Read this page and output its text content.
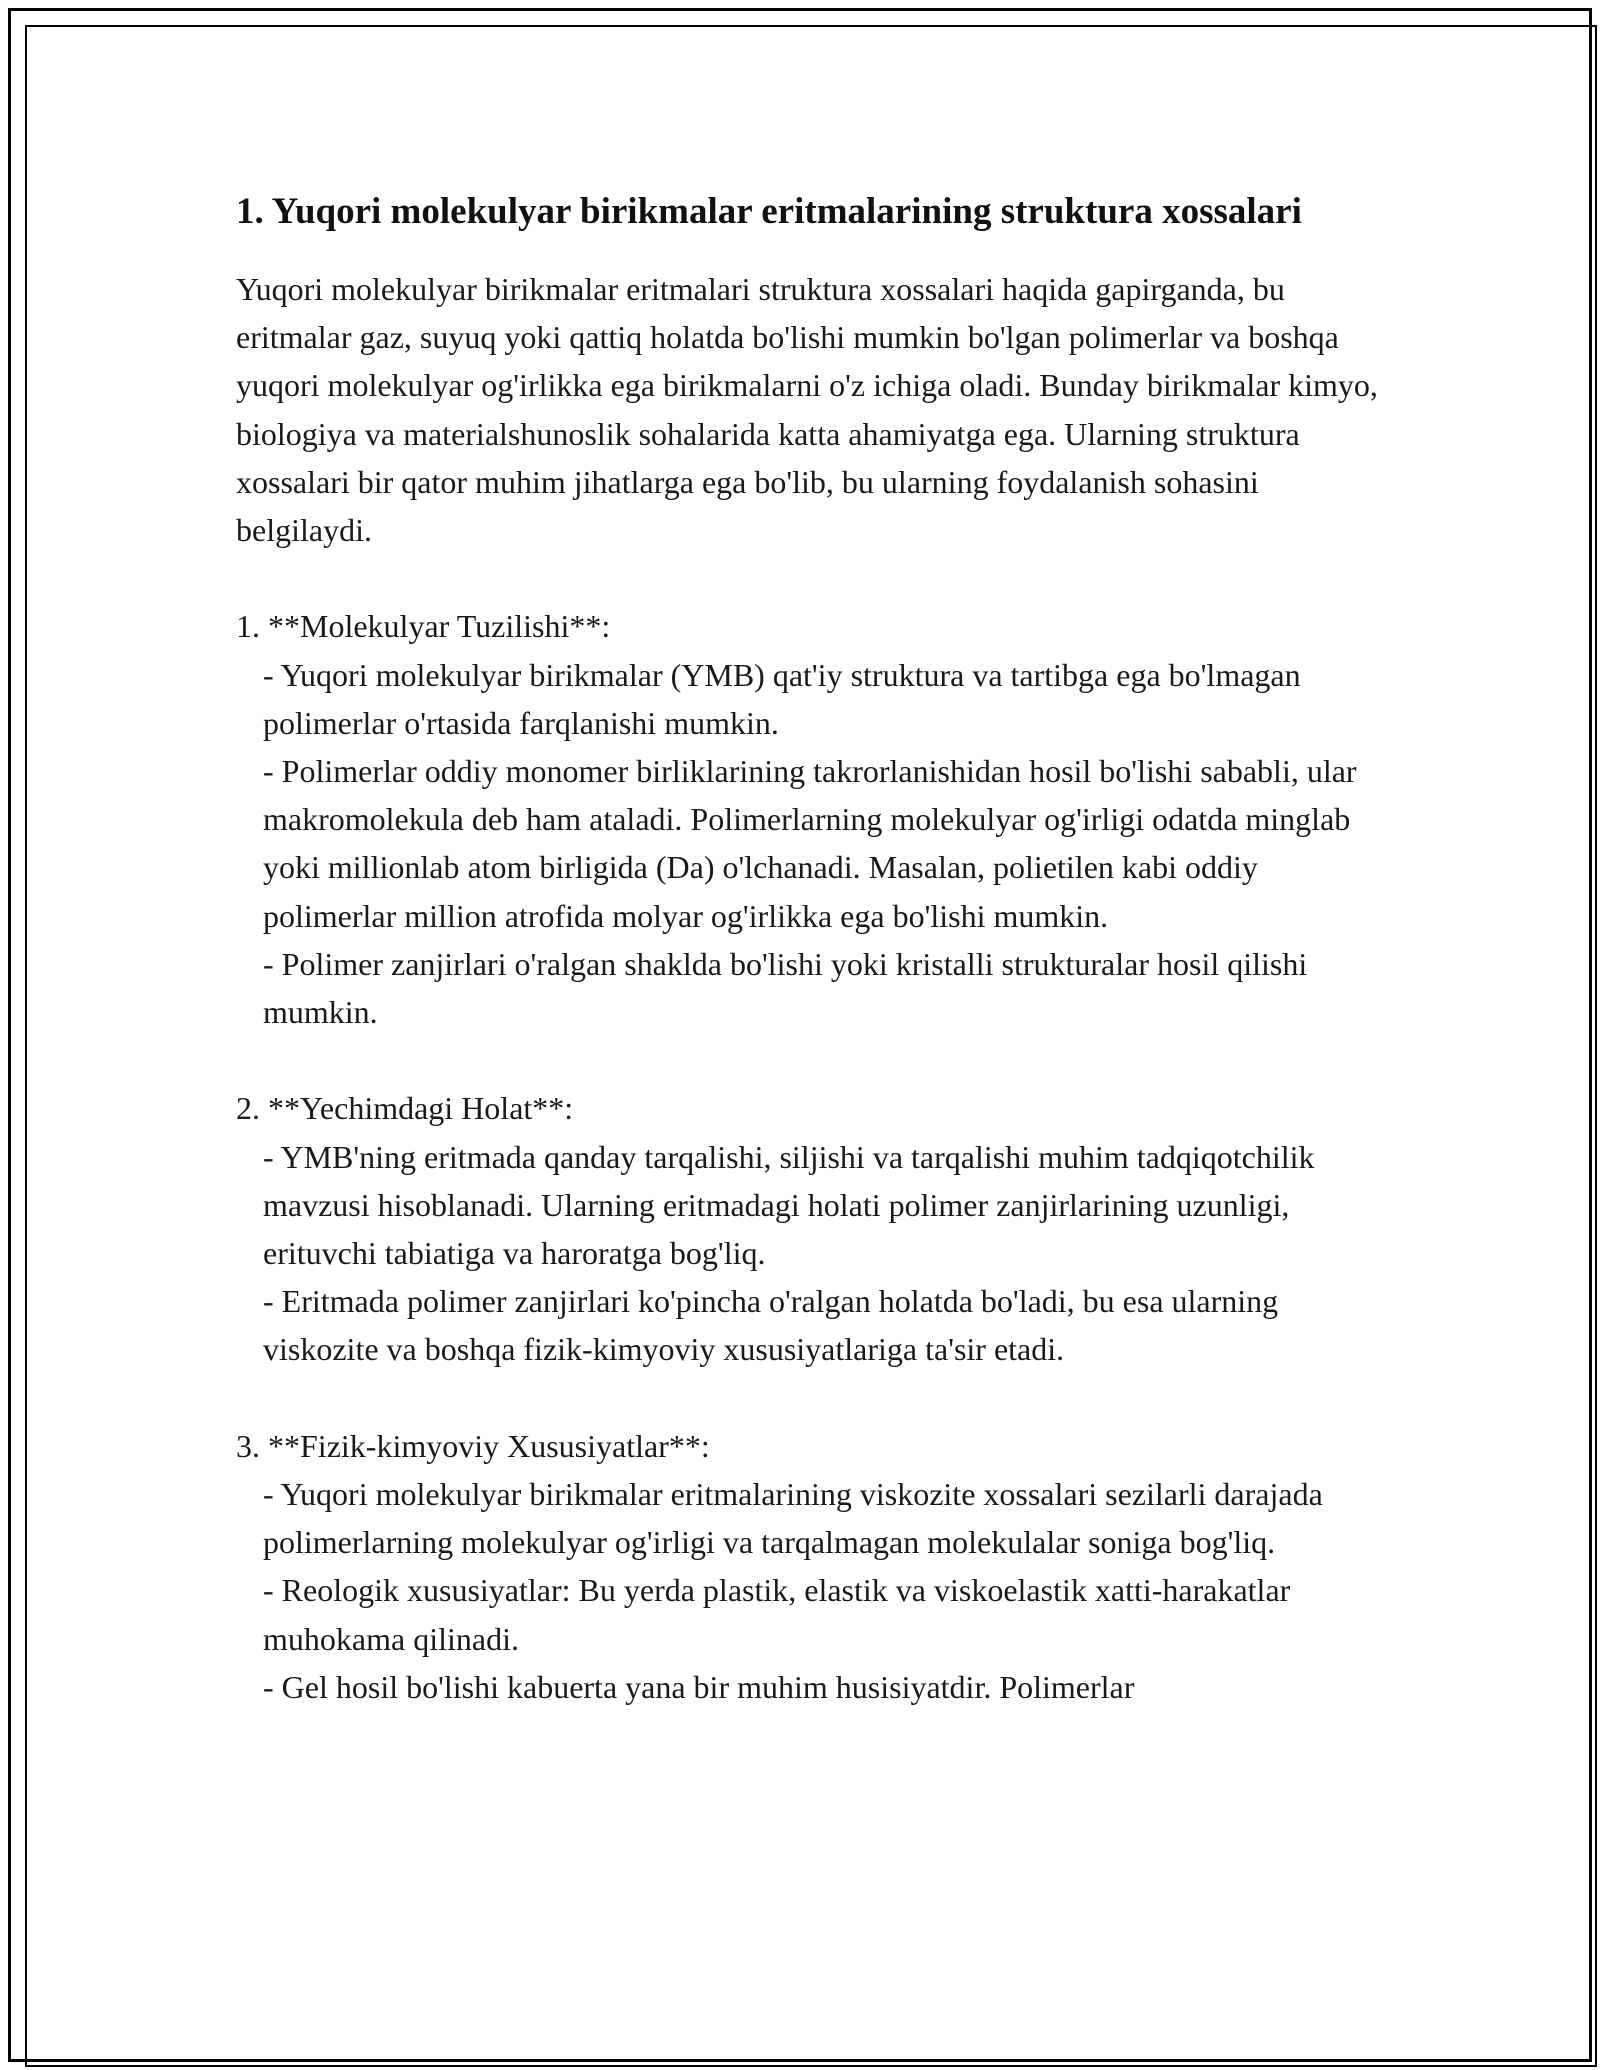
1. Yuqori molekulyar birikmalar eritmalarining struktura xossalari

Yuqori molekulyar birikmalar eritmalari struktura xossalari haqida gapirganda, bu eritmalar gaz, suyuq yoki qattiq holatda bo'lishi mumkin bo'lgan polimerlar va boshqa yuqori molekulyar og'irlikka ega birikmalarni o'z ichiga oladi. Bunday birikmalar kimyo, biologiya va materialshunoslik sohalarida katta ahamiyatga ega. Ularning struktura xossalari bir qator muhim jihatlarga ega bo'lib, bu ularning foydalanish sohasini belgilaydi.

1. **Molekulyar Tuzilishi**:

- Yuqori molekulyar birikmalar (YMB) qat'iy struktura va tartibga ega bo'lmagan polimerlar o'rtasida farqlanishi mumkin.

- Polimerlar oddiy monomer birliklarining takrorlanishidan hosil bo'lishi sababli, ular makromolekula deb ham ataladi. Polimerlarning molekulyar og'irligi odatda minglab yoki millionlab atom birligida (Da) o'lchanadi. Masalan, polietilen kabi oddiy polimerlar million atrofida molyar og'irlikka ega bo'lishi mumkin.

- Polimer zanjirlari o'ralgan shaklda bo'lishi yoki kristalli strukturalar hosil qilishi mumkin.

2. **Yechimdagi Holat**:

- YMB'ning eritmada qanday tarqalishi, siljishi va tarqalishi muhim tadqiqotchilik mavzusi hisoblanadi. Ularning eritmadagi holati polimer zanjirlarining uzunligi, erituvchi tabiatiga va haroratga bog'liq.

- Eritmada polimer zanjirlari ko'pincha o'ralgan holatda bo'ladi, bu esa ularning viskozite va boshqa fizik-kimyoviy xususiyatlariga ta'sir etadi.

3. **Fizik-kimyoviy Xususiyatlar**:

- Yuqori molekulyar birikmalar eritmalarining viskozite xossalari sezilarli darajada polimerlarning molekulyar og'irligi va tarqalmagan molekulalar soniga bog'liq.

- Reologik xususiyatlar: Bu yerda plastik, elastik va viskoelastik xatti-harakatlar muhokama qilinadi.

- Gel hosil bo'lishi kabuerta yana bir muhim husisiyatdir. Polimerlar
